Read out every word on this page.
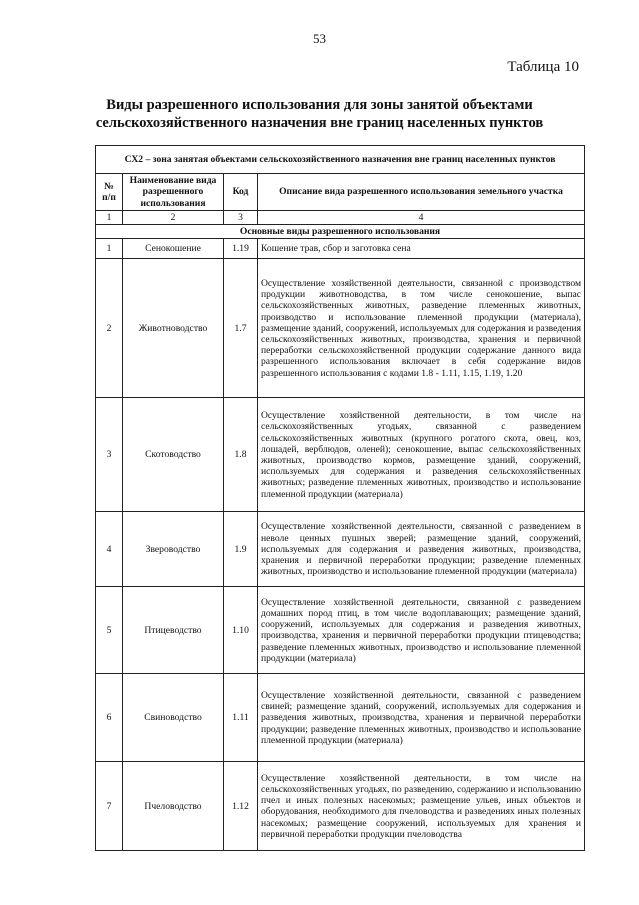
53
Таблица 10
Виды разрешенного использования для зоны занятой объектами
сельскохозяйственного назначения вне границ населенных пунктов
СХ2 – зона занятая объектами сельскохозяйственного назначения вне границ населенных пунктов			
№ п/п	Наименование вида разрешенного использования	Код	Описание вида разрешенного использования земельного участка
1	2	3	4
Основные виды разрешенного использования			
1	Сенокошение	1.19	Кошение трав, сбор и заготовка сена
2	Животноводство	1.7	Осуществление хозяйственной деятельности, связанной с производством продукции животноводства, в том числе сенокошение, выпас сельскохозяйственных животных, разведение племенных животных, производство и использование племенной продукции (материала), размещение зданий, сооружений, используемых для содержания и разведения сельскохозяйственных животных, производства, хранения и первичной переработки сельскохозяйственной продукции содержание данного вида разрешенного использования включает в себя содержание видов разрешенного использования с кодами 1.8 - 1.11, 1.15, 1.19, 1.20
3	Скотоводство	1.8	Осуществление хозяйственной деятельности, в том числе на сельскохозяйственных угодьях, связанной с разведением сельскохозяйственных животных (крупного рогатого скота, овец, коз, лошадей, верблюдов, оленей); сенокошение, выпас сельскохозяйственных животных, производство кормов, размещение зданий, сооружений, используемых для содержания и разведения сельскохозяйственных животных; разведение племенных животных, производство и использование племенной продукции (материала)
4	Звероводство	1.9	Осуществление хозяйственной деятельности, связанной с разведением в неволе ценных пушных зверей; размещение зданий, сооружений, используемых для содержания и разведения животных, производства, хранения и первичной переработки продукции; разведение племенных животных, производство и использование племенной продукции (материала)
5	Птицеводство	1.10	Осуществление хозяйственной деятельности, связанной с разведением домашних пород птиц, в том числе водоплавающих; размещение зданий, сооружений, используемых для содержания и разведения животных, производства, хранения и первичной переработки продукции птицеводства; разведение племенных животных, производство и использование племенной продукции (материала)
6	Свиноводство	1.11	Осуществление хозяйственной деятельности, связанной с разведением свиней; размещение зданий, сооружений, используемых для содержания и разведения животных, производства, хранения и первичной переработки продукции; разведение племенных животных, производство и использование племенной продукции (материала)
7	Пчеловодство	1.12	Осуществление хозяйственной деятельности, в том числе на сельскохозяйственных угодьях, по разведению, содержанию и использованию пчел и иных полезных насекомых; размещение ульев, иных объектов и оборудования, необходимого для пчеловодства и разведениях иных полезных насекомых; размещение сооружений, используемых для хранения и первичной переработки продукции пчеловодства
